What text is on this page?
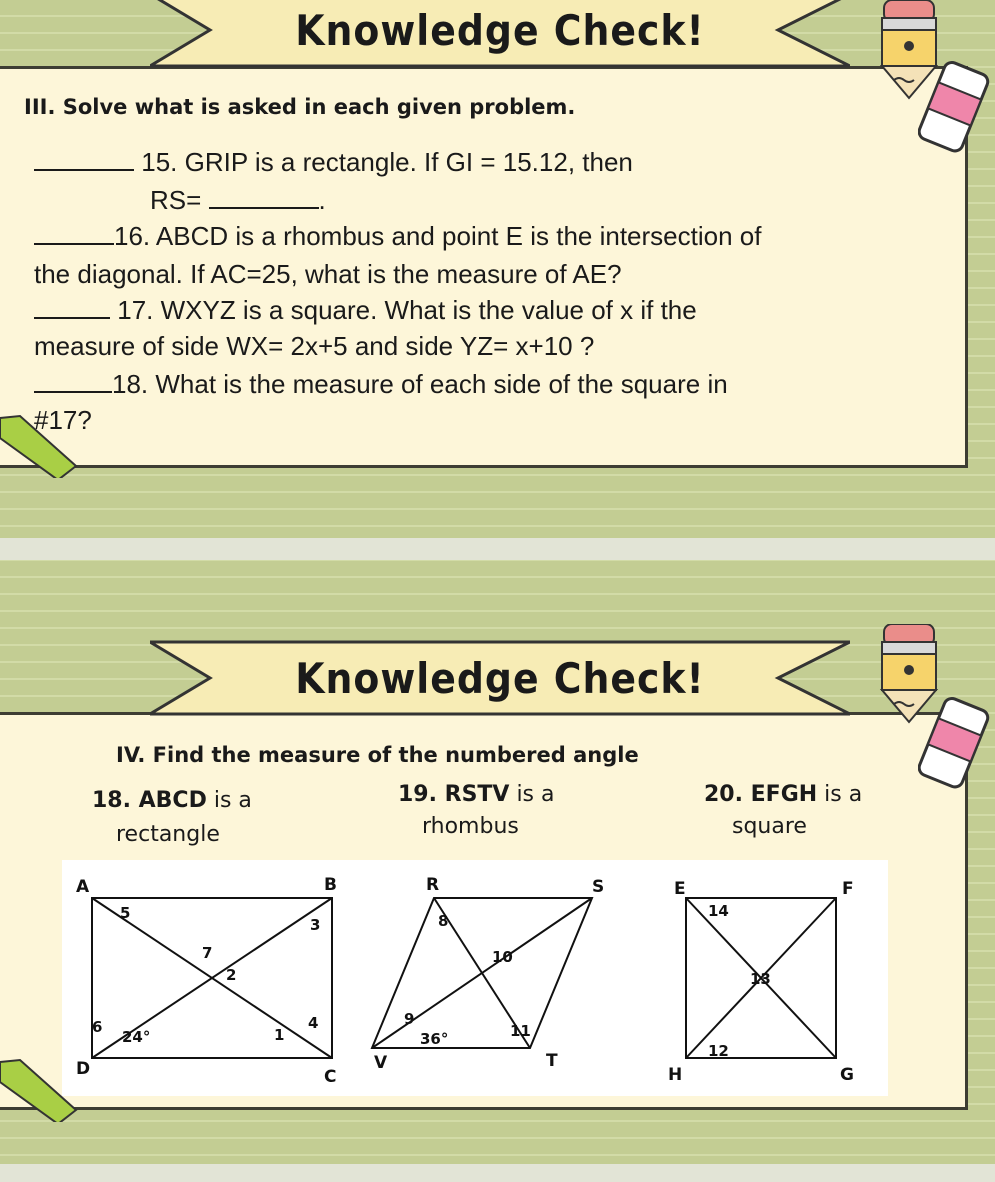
III. Solve what is asked in each given problem.
15. GRIP is a rectangle. If GI = 15.12, then
RS=	.
16. ABCD is a rhombus and point E is the intersection of
the diagonal. If AC=25, what is the measure of AE?
17. WXYZ is a square. What is the value of x if the
measure of side WX= 2x+5 and side YZ= x+10 ?
18. What is the measure of each side of the square in
#17?
Knowledge Check!
IV. Find the measure of the numbered angle
18. ABCD is a
rectangle
19. RSTV is a
rhombus
20. EFGH is a
square
A	B
C
D
5
3
7
2
6
24°	1
4
R	S
T
V
8
10
9
36°	11
E	F
G
H
14
13
12
Knowledge Check!
